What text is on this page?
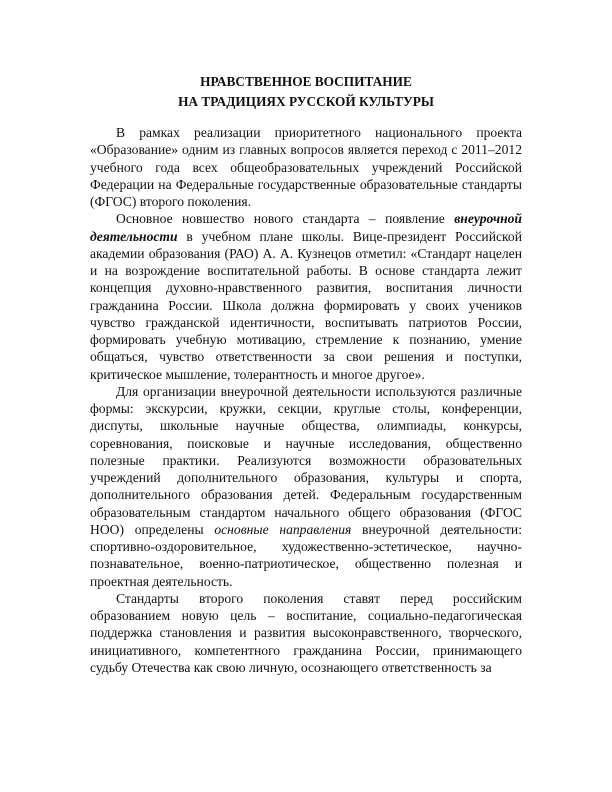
НРАВСТВЕННОЕ ВОСПИТАНИЕ
НА ТРАДИЦИЯХ РУССКОЙ КУЛЬТУРЫ

В рамках реализации приоритетного национального проекта «Образование» одним из главных вопросов является переход с 2011–2012 учебного года всех общеобразовательных учреждений Российской Федерации на Федеральные государственные образовательные стандарты (ФГОС) второго поколения.

Основное новшество нового стандарта – появление внеурочной деятельности в учебном плане школы. Вице-президент Российской академии образования (РАО) А. А. Кузнецов отметил: «Стандарт нацелен и на возрождение воспитательной работы. В основе стандарта лежит концепция духовно-нравственного развития, воспитания личности гражданина России. Школа должна формировать у своих учеников чувство гражданской идентичности, воспитывать патриотов России, формировать учебную мотивацию, стремление к познанию, умение общаться, чувство ответственности за свои решения и поступки, критическое мышление, толерантность и многое другое».

Для организации внеурочной деятельности используются различные формы: экскурсии, кружки, секции, круглые столы, конференции, диспуты, школьные научные общества, олимпиады, конкурсы, соревнования, поисковые и научные исследования, общественно полезные практики. Реализуются возможности образовательных учреждений дополнительного образования, культуры и спорта, дополнительного образования детей. Федеральным государственным образовательным стандартом начального общего образования (ФГОС НОО) определены основные направления внеурочной деятельности: спортивно-оздоровительное, художественно-эстетическое, научно-познавательное, военно-патриотическое, общественно полезная и проектная деятельность.

Стандарты второго поколения ставят перед российским образованием новую цель – воспитание, социально-педагогическая поддержка становления и развития высоконравственного, творческого, инициативного, компетентного гражданина России, принимающего судьбу Отечества как свою личную, осознающего ответственность за
